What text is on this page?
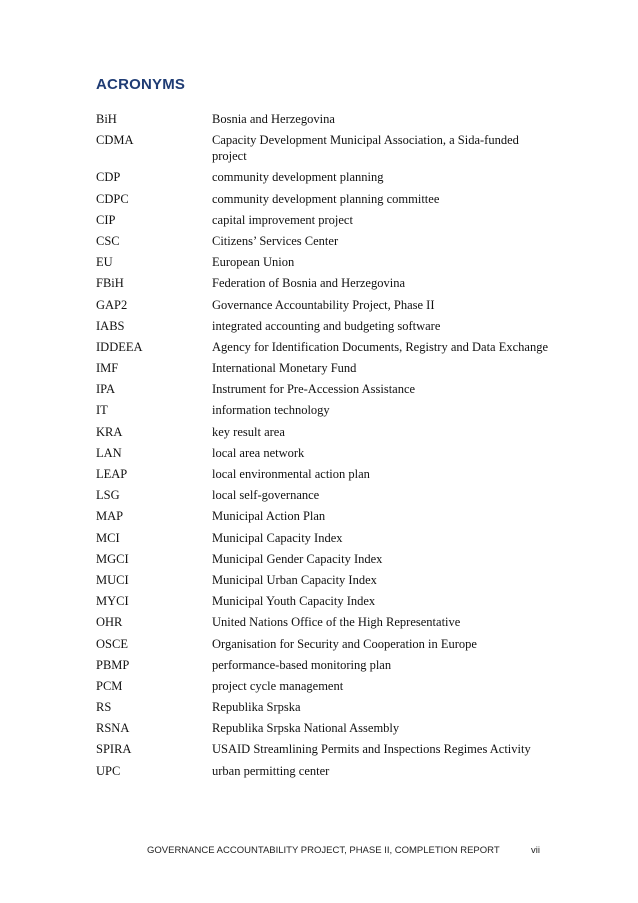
ACRONYMS
BiH	Bosnia and Herzegovina
CDMA	Capacity Development Municipal Association, a Sida-funded project
CDP	community development planning
CDPC	community development planning committee
CIP	capital improvement project
CSC	Citizens’ Services Center
EU	European Union
FBiH	Federation of Bosnia and Herzegovina
GAP2	Governance Accountability Project, Phase II
IABS	integrated accounting and budgeting software
IDDEEA	Agency for Identification Documents, Registry and Data Exchange
IMF	International Monetary Fund
IPA	Instrument for Pre-Accession Assistance
IT	information technology
KRA	key result area
LAN	local area network
LEAP	local environmental action plan
LSG	local self-governance
MAP	Municipal Action Plan
MCI	Municipal Capacity Index
MGCI	Municipal Gender Capacity Index
MUCI	Municipal Urban Capacity Index
MYCI	Municipal Youth Capacity Index
OHR	United Nations Office of the High Representative
OSCE	Organisation for Security and Cooperation in Europe
PBMP	performance-based monitoring plan
PCM	project cycle management
RS	Republika Srpska
RSNA	Republika Srpska National Assembly
SPIRA	USAID Streamlining Permits and Inspections Regimes Activity
UPC	urban permitting center
GOVERNANCE ACCOUNTABILITY PROJECT, PHASE II, COMPLETION REPORT	vii
